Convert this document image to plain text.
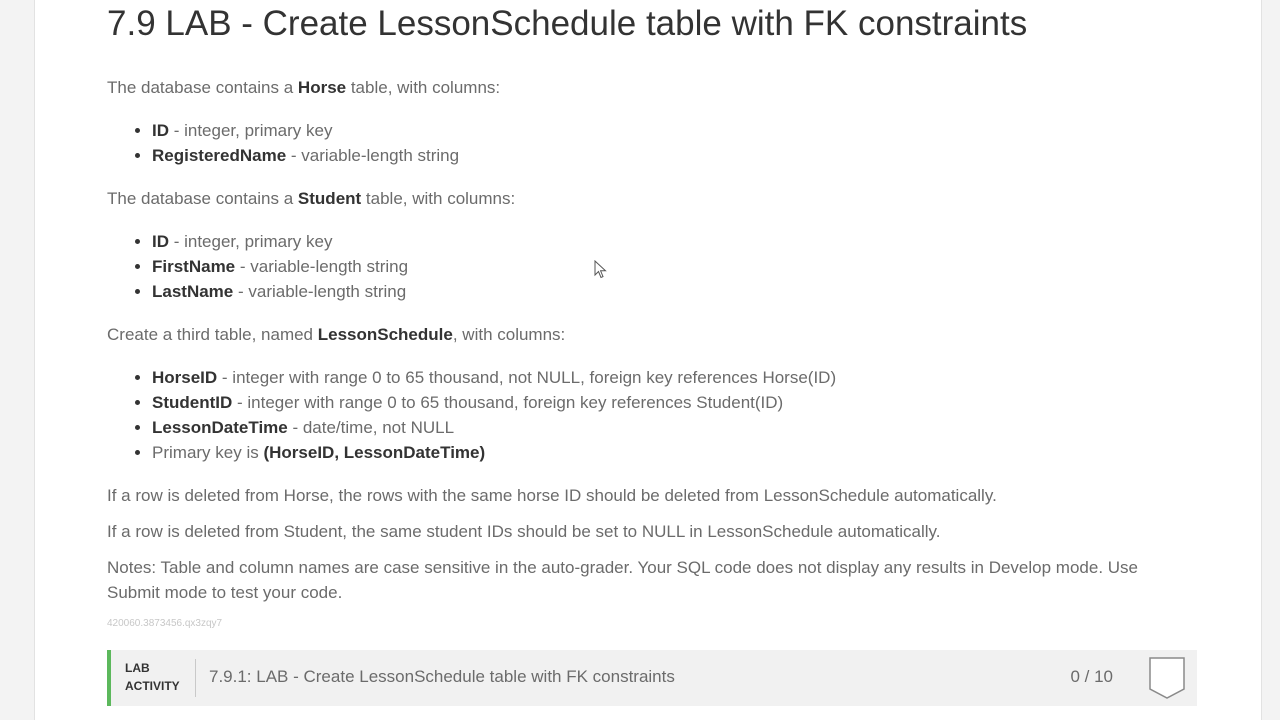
7.9 LAB - Create LessonSchedule table with FK constraints

The database contains a Horse table, with columns:

• ID - integer, primary key
• RegisteredName - variable-length string

The database contains a Student table, with columns:

• ID - integer, primary key
• FirstName - variable-length string
• LastName - variable-length string

Create a third table, named LessonSchedule, with columns:

• HorseID - integer with range 0 to 65 thousand, not NULL, foreign key references Horse(ID)
• StudentID - integer with range 0 to 65 thousand, foreign key references Student(ID)
• LessonDateTime - date/time, not NULL
• Primary key is (HorseID, LessonDateTime)

If a row is deleted from Horse, the rows with the same horse ID should be deleted from LessonSchedule automatically.

If a row is deleted from Student, the same student IDs should be set to NULL in LessonSchedule automatically.

Notes: Table and column names are case sensitive in the auto-grader. Your SQL code does not display any results in Develop mode. Use Submit mode to test your code.

420060.3873456.qx3zqy7

LAB
ACTIVITY	7.9.1: LAB - Create LessonSchedule table with FK constraints	0 / 10
